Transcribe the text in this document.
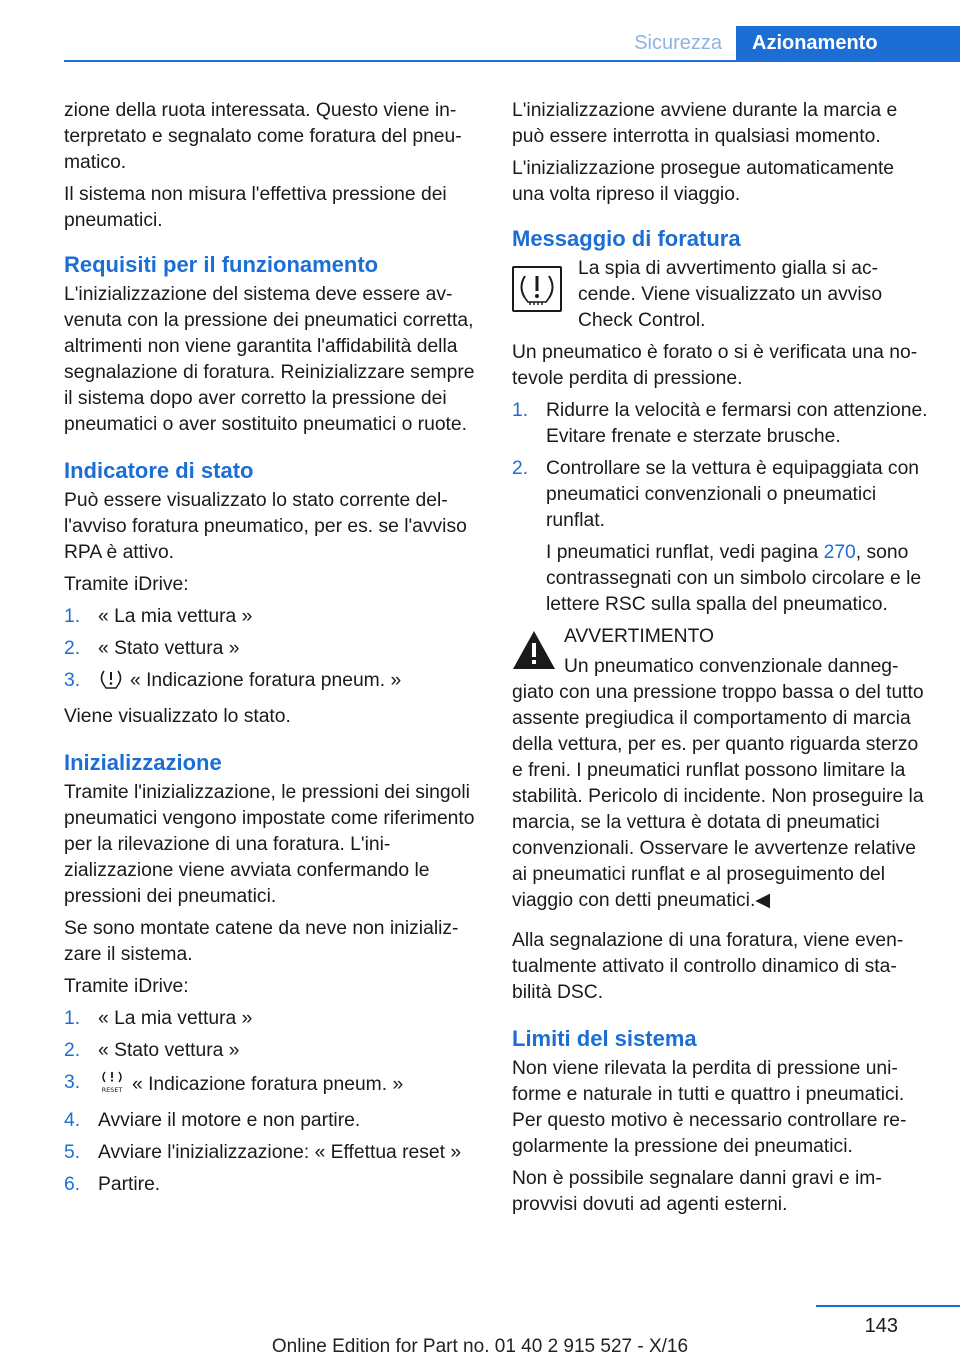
Sicurezza	Azionamento

zione della ruota interessata. Questo viene interpretato e segnalato come foratura del pneumatico.

Il sistema non misura l'effettiva pressione dei pneumatici.

Requisiti per il funzionamento

L'inizializzazione del sistema deve essere avvenuta con la pressione dei pneumatici corretta, altrimenti non viene garantita l'affidabilità della segnalazione di foratura. Reinizializzare sempre il sistema dopo aver corretto la pressione dei pneumatici o aver sostituito pneumatici o ruote.

Indicatore di stato

Può essere visualizzato lo stato corrente dell'avviso foratura pneumatico, per es. se l'avviso RPA è attivo.

Tramite iDrive:

1. « La mia vettura »
2. « Stato vettura »
3.	« Indicazione foratura pneum. »

Viene visualizzato lo stato.

Inizializzazione

Tramite l'inizializzazione, le pressioni dei singoli pneumatici vengono impostate come riferimento per la rilevazione di una foratura. L'inizializzazione viene avviata confermando le pressioni dei pneumatici.

Se sono montate catene da neve non inizializzare il sistema.

Tramite iDrive:

1. « La mia vettura »
2. « Stato vettura »
3.	RESET « Indicazione foratura pneum. »
4. Avviare il motore e non partire.
5. Avviare l'inizializzazione: « Effettua reset »
6. Partire.

L'inizializzazione avviene durante la marcia e può essere interrotta in qualsiasi momento.

L'inizializzazione prosegue automaticamente una volta ripreso il viaggio.

Messaggio di foratura

La spia di avvertimento gialla si accende. Viene visualizzato un avviso Check Control.

Un pneumatico è forato o si è verificata una notevole perdita di pressione.

1. Ridurre la velocità e fermarsi con attenzione. Evitare frenate e sterzate brusche.

2. Controllare se la vettura è equipaggiata con pneumatici convenzionali o pneumatici runflat.

I pneumatici runflat, vedi pagina 270, sono contrassegnati con un simbolo circolare e le lettere RSC sulla spalla del pneumatico.

AVVERTIMENTO

Un pneumatico convenzionale danneggiato con una pressione troppo bassa o del tutto assente pregiudica il comportamento di marcia della vettura, per es. per quanto riguarda sterzo e freni. I pneumatici runflat possono limitare la stabilità. Pericolo di incidente. Non proseguire la marcia, se la vettura è dotata di pneumatici convenzionali. Osservare le avvertenze relative ai pneumatici runflat e al proseguimento del viaggio con detti pneumatici.◀

Alla segnalazione di una foratura, viene eventualmente attivato il controllo dinamico di stabilità DSC.

Limiti del sistema

Non viene rilevata la perdita di pressione uniforme e naturale in tutti e quattro i pneumatici. Per questo motivo è necessario controllare regolarmente la pressione dei pneumatici.

Non è possibile segnalare danni gravi e improvvisi dovuti ad agenti esterni.

143
Online Edition for Part no. 01 40 2 915 527 - X/16
